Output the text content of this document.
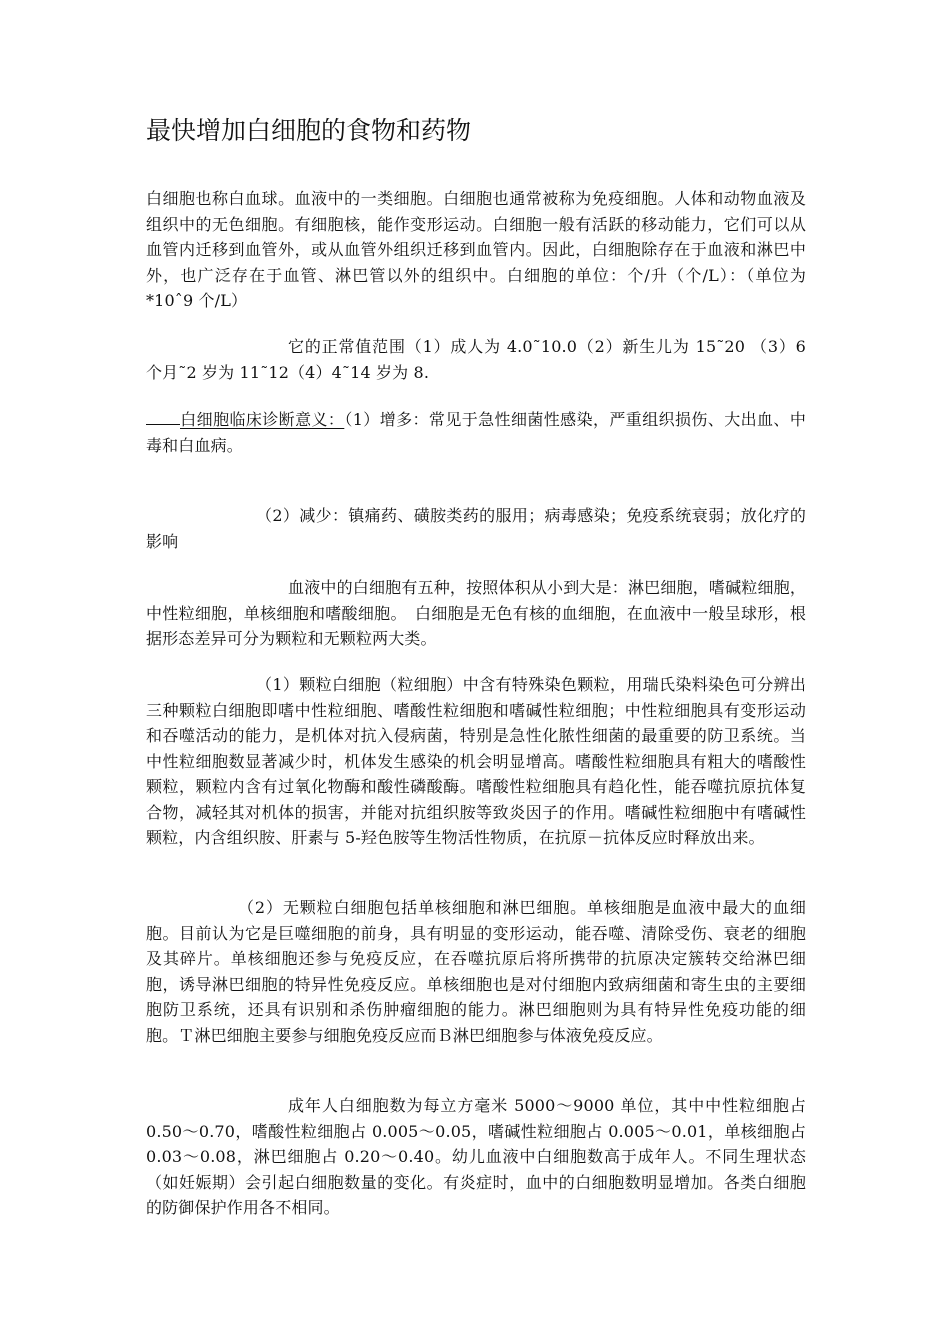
最快增加白细胞的食物和药物

白细胞也称白血球。血液中的一类细胞。白细胞也通常被称为免疫细胞。人体和动物血液及组织中的无色细胞。有细胞核，能作变形运动。白细胞一般有活跃的移动能力，它们可以从血管内迁移到血管外，或从血管外组织迁移到血管内。因此，白细胞除存在于血液和淋巴中外，也广泛存在于血管、淋巴管以外的组织中。白细胞的单位：个/升（个/L）：（单位为*10ˆ9 个/L）

它的正常值范围（1）成人为 4.0˜10.0（2）新生儿为 15˜20 （3）6 个月˜2 岁为 11˜12（4）4˜14 岁为 8.

白细胞临床诊断意义：（1）增多：常见于急性细菌性感染，严重组织损伤、大出血、中毒和白血病。

（2）减少：镇痛药、磺胺类药的服用；病毒感染；免疫系统衰弱；放化疗的影响

血液中的白细胞有五种，按照体积从小到大是：淋巴细胞，嗜碱粒细胞，中性粒细胞，单核细胞和嗜酸细胞。　白细胞是无色有核的血细胞，在血液中一般呈球形，根据形态差异可分为颗粒和无颗粒两大类。

（1）颗粒白细胞（粒细胞）中含有特殊染色颗粒，用瑞氏染料染色可分辨出三种颗粒白细胞即嗜中性粒细胞、嗜酸性粒细胞和嗜碱性粒细胞；中性粒细胞具有变形运动和吞噬活动的能力，是机体对抗入侵病菌，特别是急性化脓性细菌的最重要的防卫系统。当中性粒细胞数显著减少时，机体发生感染的机会明显增高。嗜酸性粒细胞具有粗大的嗜酸性颗粒，颗粒内含有过氧化物酶和酸性磷酸酶。嗜酸性粒细胞具有趋化性，能吞噬抗原抗体复合物，减轻其对机体的损害，并能对抗组织胺等致炎因子的作用。嗜碱性粒细胞中有嗜碱性颗粒，内含组织胺、肝素与 5-羟色胺等生物活性物质，在抗原－抗体反应时释放出来。

（2）无颗粒白细胞包括单核细胞和淋巴细胞。单核细胞是血液中最大的血细胞。目前认为它是巨噬细胞的前身，具有明显的变形运动，能吞噬、清除受伤、衰老的细胞及其碎片。单核细胞还参与免疫反应，在吞噬抗原后将所携带的抗原决定簇转交给淋巴细胞，诱导淋巴细胞的特异性免疫反应。单核细胞也是对付细胞内致病细菌和寄生虫的主要细胞防卫系统，还具有识别和杀伤肿瘤细胞的能力。淋巴细胞则为具有特异性免疫功能的细胞。Ｔ淋巴细胞主要参与细胞免疫反应而Ｂ淋巴细胞参与体液免疫反应。

成年人白细胞数为每立方毫米 5000～9000 单位，其中中性粒细胞占 0.50～0.70，嗜酸性粒细胞占 0.005～0.05，嗜碱性粒细胞占 0.005～0.01，单核细胞占 0.03～0.08，淋巴细胞占 0.20～0.40。幼儿血液中白细胞数高于成年人。不同生理状态（如妊娠期）会引起白细胞数量的变化。有炎症时，血中的白细胞数明显增加。各类白细胞的防御保护作用各不相同。
